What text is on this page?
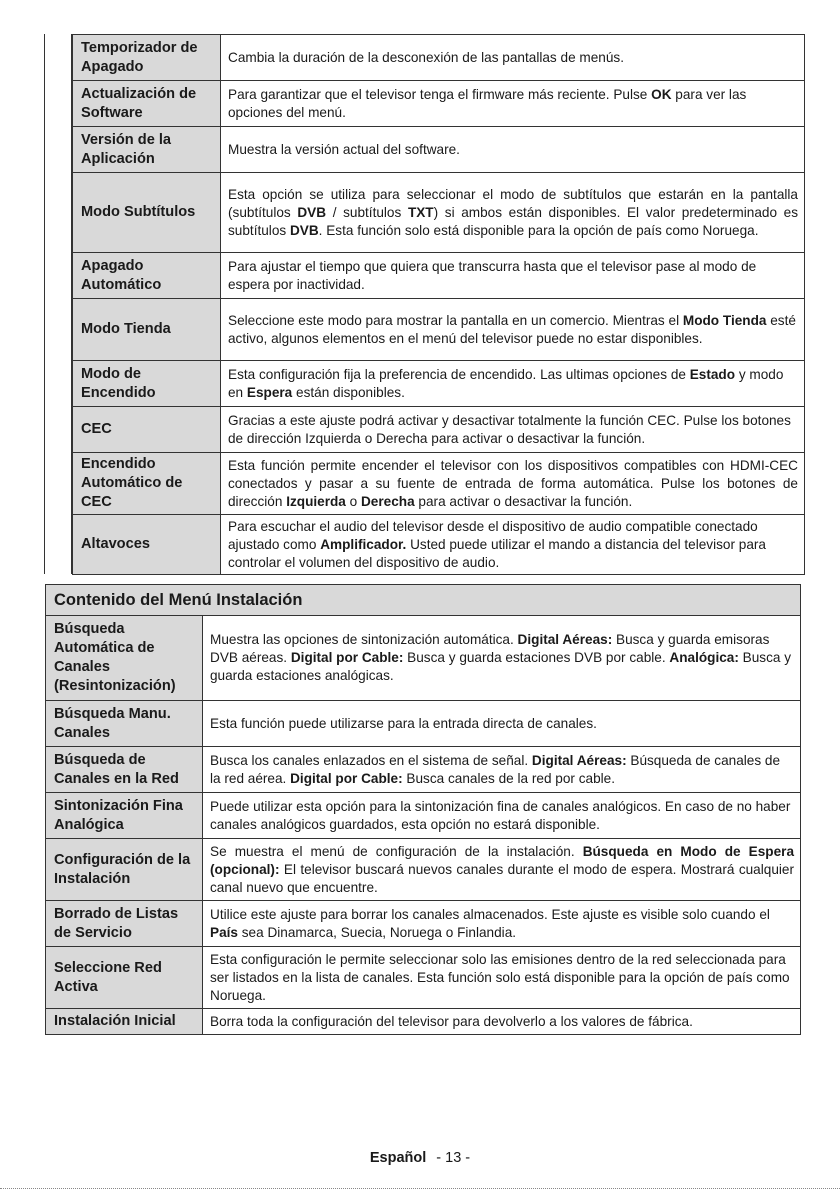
Temporizador de Apagado	Cambia la duración de la desconexión de las pantallas de menús.
Actualización de Software	Para garantizar que el televisor tenga el firmware más reciente. Pulse OK para ver las opciones del menú.
Versión de la Aplicación	Muestra la versión actual del software.
Modo Subtítulos	Esta opción se utiliza para seleccionar el modo de subtítulos que estarán en la pantalla (subtítulos DVB / subtítulos TXT) si ambos están disponibles. El valor predeterminado es subtítulos DVB. Esta función solo está disponible para la opción de país como Noruega.
Apagado Automático	Para ajustar el tiempo que quiera que transcurra hasta que el televisor pase al modo de espera por inactividad.
Modo Tienda	Seleccione este modo para mostrar la pantalla en un comercio. Mientras el Modo Tienda esté activo, algunos elementos en el menú del televisor puede no estar disponibles.
Modo de Encendido	Esta configuración fija la preferencia de encendido. Las ultimas opciones de Estado y modo en Espera están disponibles.
CEC	Gracias a este ajuste podrá activar y desactivar totalmente la función CEC. Pulse los botones de dirección Izquierda o Derecha para activar o desactivar la función.
Encendido Automático de CEC	Esta función permite encender el televisor con los dispositivos compatibles con HDMI-CEC conectados y pasar a su fuente de entrada de forma automática. Pulse los botones de dirección Izquierda o Derecha para activar o desactivar la función.
Altavoces	Para escuchar el audio del televisor desde el dispositivo de audio compatible conectado ajustado como Amplificador. Usted puede utilizar el mando a distancia del televisor para controlar el volumen del dispositivo de audio.
Contenido del Menú Instalación	
Búsqueda Automática de Canales (Resintonización)	Muestra las opciones de sintonización automática. Digital Aéreas: Busca y guarda emisoras DVB aéreas. Digital por Cable: Busca y guarda estaciones DVB por cable. Analógica: Busca y guarda estaciones analógicas.
Búsqueda Manu. Canales	Esta función puede utilizarse para la entrada directa de canales.
Búsqueda de Canales en la Red	Busca los canales enlazados en el sistema de señal. Digital Aéreas: Búsqueda de canales de la red aérea. Digital por Cable: Busca canales de la red por cable.
Sintonización Fina Analógica	Puede utilizar esta opción para la sintonización fina de canales analógicos. En caso de no haber canales analógicos guardados, esta opción no estará disponible.
Configuración de la Instalación	Se muestra el menú de configuración de la instalación. Búsqueda en Modo de Espera (opcional): El televisor buscará nuevos canales durante el modo de espera. Mostrará cualquier canal nuevo que encuentre.
Borrado de Listas de Servicio	Utilice este ajuste para borrar los canales almacenados. Este ajuste es visible solo cuando el País sea Dinamarca, Suecia, Noruega o Finlandia.
Seleccione Red Activa	Esta configuración le permite seleccionar solo las emisiones dentro de la red seleccionada para ser listados en la lista de canales. Esta función solo está disponible para la opción de país como Noruega.
Instalación Inicial	Borra toda la configuración del televisor para devolverlo a los valores de fábrica.
Español - 13 -
